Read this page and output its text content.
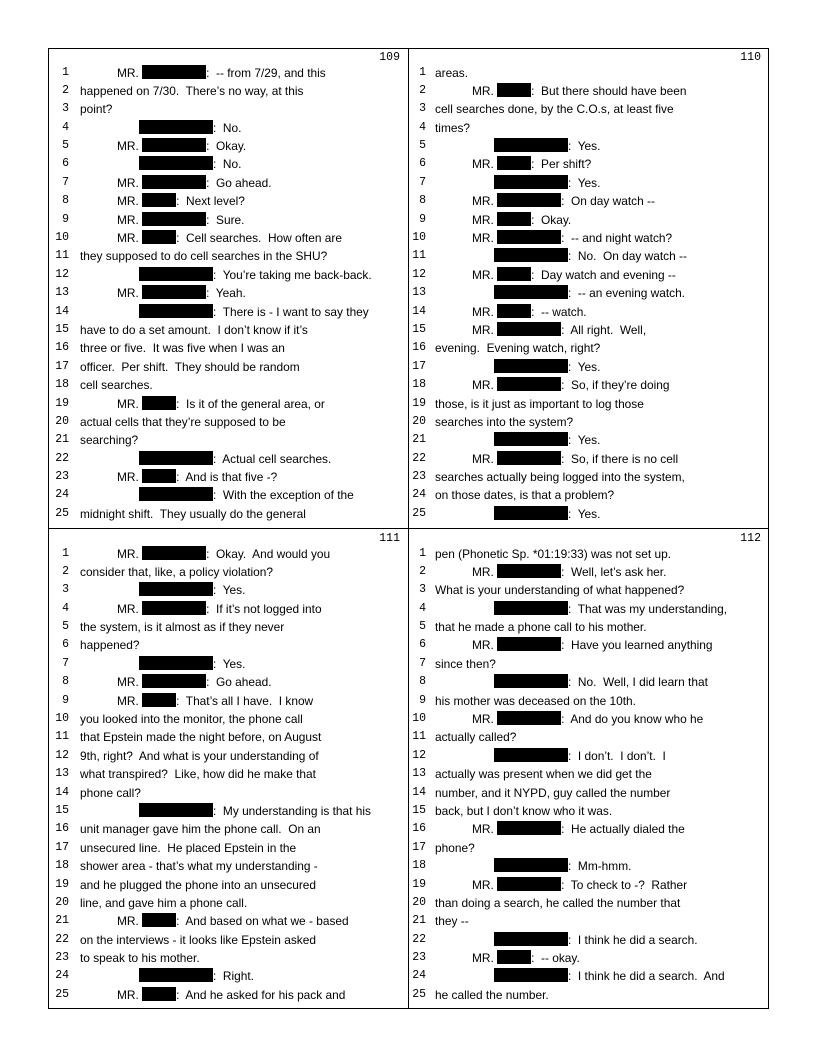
109
1	MR.	:  -- from 7/29, and this
2 happened on 7/30.  There’s no way, at this
3 point?
4	:  No.
5	MR.	:  Okay.
6	:  No.
7	MR.	:  Go ahead.
8	MR.	:  Next level?
9	MR.	:  Sure.
10	MR.	:  Cell searches.  How often are
11 they supposed to do cell searches in the SHU?
12	:  You’re taking me back-back.
13	MR.	:  Yeah.
14	:  There is - I want to say they
15 have to do a set amount.  I don’t know if it’s
16 three or five.  It was five when I was an
17 officer.  Per shift.  They should be random
18 cell searches.
19	MR.	:  Is it of the general area, or
20 actual cells that they’re supposed to be
21 searching?
22	:  Actual cell searches.
23	MR.	:  And is that five -?
24	:  With the exception of the
25 midnight shift.  They usually do the general
110
1 areas.
2	MR.	:  But there should have been
3 cell searches done, by the C.O.s, at least five
4 times?
5	:  Yes.
6	MR.	:  Per shift?
7	:  Yes.
8	MR.	:  On day watch --
9	MR.	:  Okay.
10	MR.	:  -- and night watch?
11	:  No.  On day watch --
12	MR.	:  Day watch and evening --
13	:  -- an evening watch.
14	MR.	:  -- watch.
15	MR.	:  All right.  Well,
16 evening.  Evening watch, right?
17	:  Yes.
18	MR.	:  So, if they’re doing
19 those, is it just as important to log those
20 searches into the system?
21	:  Yes.
22	MR.	:  So, if there is no cell
23 searches actually being logged into the system,
24 on those dates, is that a problem?
25	:  Yes.
111
1	MR.	:  Okay.  And would you
2 consider that, like, a policy violation?
3	:  Yes.
4	MR.	:  If it’s not logged into
5 the system, is it almost as if they never
6 happened?
7	:  Yes.
8	MR.	:  Go ahead.
9	MR.	:  That’s all I have.  I know
10 you looked into the monitor, the phone call
11 that Epstein made the night before, on August
12 9th, right?  And what is your understanding of
13 what transpired?  Like, how did he make that
14 phone call?
15	:  My understanding is that his
16 unit manager gave him the phone call.  On an
17 unsecured line.  He placed Epstein in the
18 shower area - that’s what my understanding -
19 and he plugged the phone into an unsecured
20 line, and gave him a phone call.
21	MR.	:  And based on what we - based
22 on the interviews - it looks like Epstein asked
23 to speak to his mother.
24	:  Right.
25	MR.	:  And he asked for his pack and
112
1 pen (Phonetic Sp. *01:19:33) was not set up.
2	MR.	:  Well, let’s ask her.
3 What is your understanding of what happened?
4	:  That was my understanding,
5 that he made a phone call to his mother.
6	MR.	:  Have you learned anything
7 since then?
8	:  No.  Well, I did learn that
9 his mother was deceased on the 10th.
10	MR.	:  And do you know who he
11 actually called?
12	:  I don’t.  I don’t.  I
13 actually was present when we did get the
14 number, and it NYPD, guy called the number
15 back, but I don’t know who it was.
16	MR.	:  He actually dialed the
17 phone?
18	:  Mm-hmm.
19	MR.	:  To check to -?  Rather
20 than doing a search, he called the number that
21 they --
22	:  I think he did a search.
23	MR.	:  -- okay.
24	:  I think he did a search.  And
25 he called the number.
